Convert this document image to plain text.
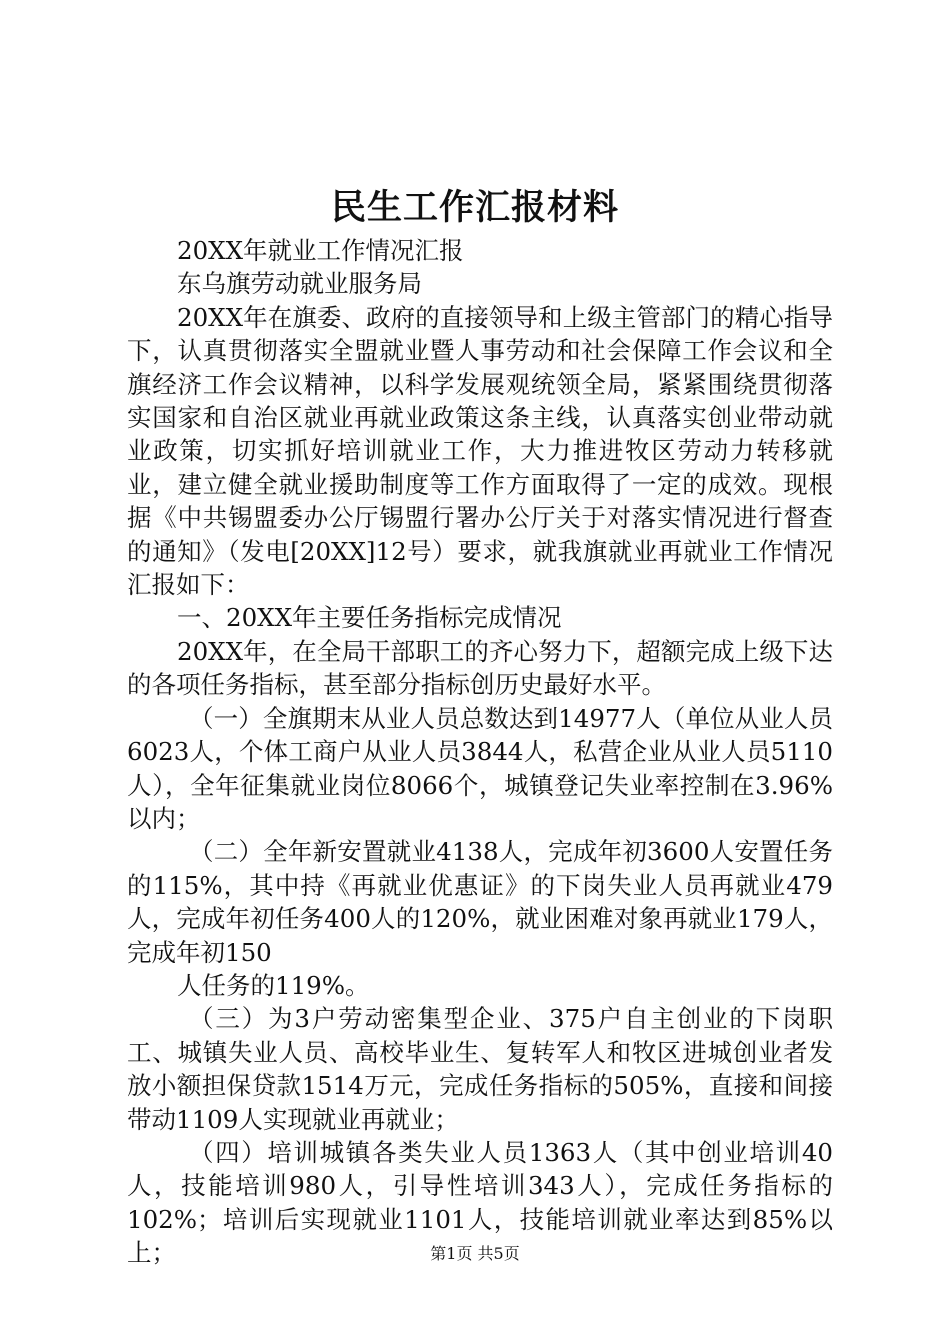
民生工作汇报材料

20XX年就业工作情况汇报

东乌旗劳动就业服务局

20XX年在旗委、政府的直接领导和上级主管部门的精心指导下，认真贯彻落实全盟就业暨人事劳动和社会保障工作会议和全旗经济工作会议精神，以科学发展观统领全局，紧紧围绕贯彻落实国家和自治区就业再就业政策这条主线，认真落实创业带动就业政策，切实抓好培训就业工作，大力推进牧区劳动力转移就业，建立健全就业援助制度等工作方面取得了一定的成效。现根据《中共锡盟委办公厅锡盟行署办公厅关于对落实情况进行督查的通知》（发电[20XX]12号）要求，就我旗就业再就业工作情况汇报如下：

一、20XX年主要任务指标完成情况

20XX年，在全局干部职工的齐心努力下，超额完成上级下达的各项任务指标，甚至部分指标创历史最好水平。

（一）全旗期末从业人员总数达到14977人（单位从业人员6023人，个体工商户从业人员3844人，私营企业从业人员5110人），全年征集就业岗位8066个，城镇登记失业率控制在3.96%以内；

（二）全年新安置就业4138人，完成年初3600人安置任务的115%，其中持《再就业优惠证》的下岗失业人员再就业479人，完成年初任务400人的120%，就业困难对象再就业179人，完成年初150

人任务的119%。

（三）为3户劳动密集型企业、375户自主创业的下岗职工、城镇失业人员、高校毕业生、复转军人和牧区进城创业者发放小额担保贷款1514万元，完成任务指标的505%，直接和间接带动1109人实现就业再就业；

（四）培训城镇各类失业人员1363人（其中创业培训40人，技能培训980人，引导性培训343人），完成任务指标的102%；培训后实现就业1101人，技能培训就业率达到85%以上；	第1页 共5页
